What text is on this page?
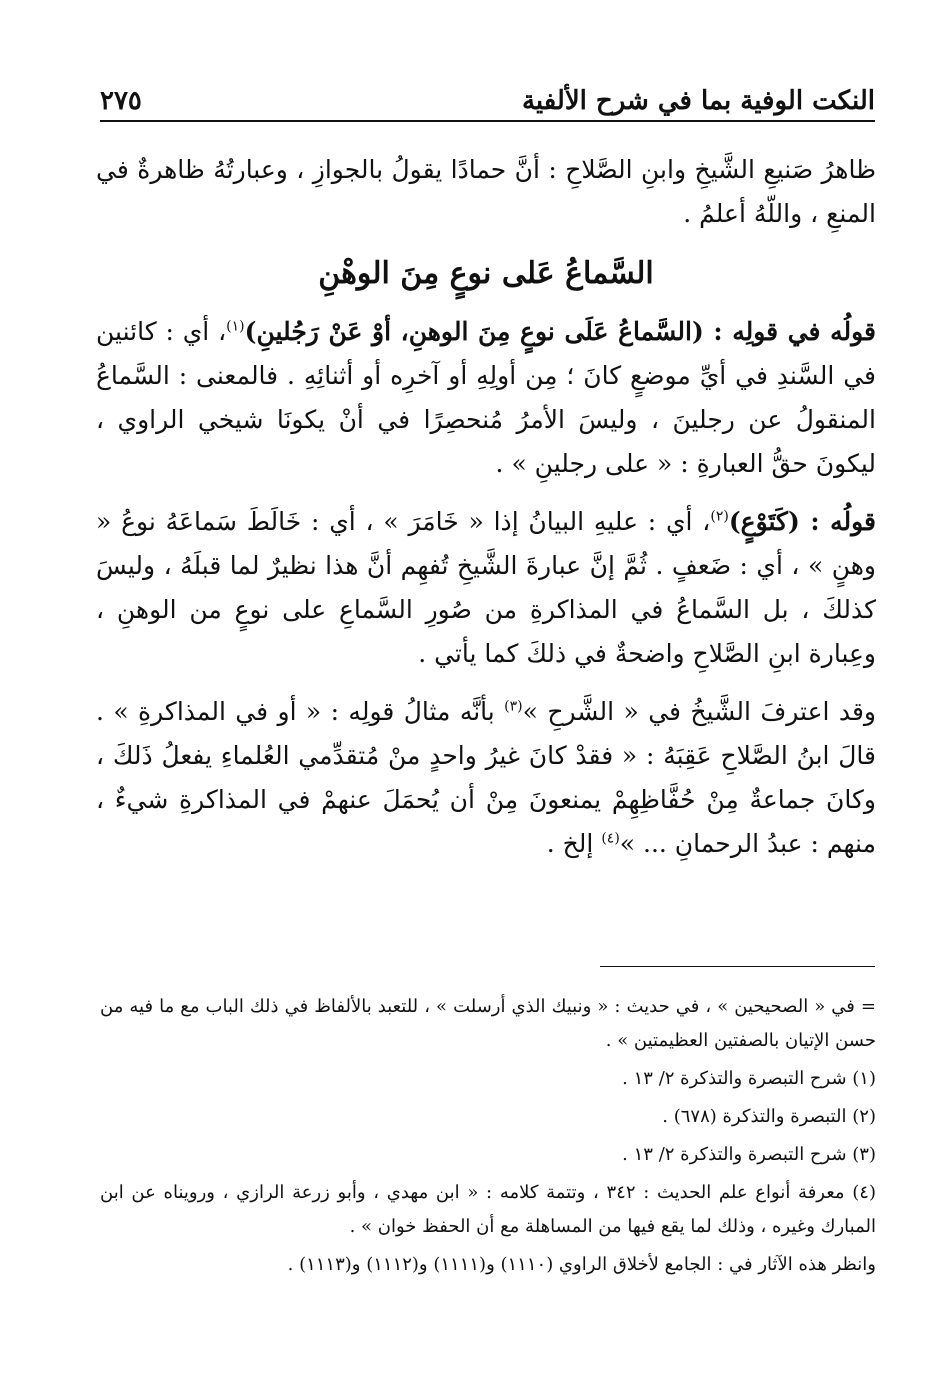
النكت الوفية بما في شرح الألفية
٢٧٥

ظاهرُ صَنيعِ الشَّيخِ وابنِ الصَّلاحِ : أنَّ حمادًا يقولُ بالجوازِ ، وعبارتُهُ ظاهرةٌ في المنعِ ، واللّهُ أعلمُ .

السَّماعُ عَلى نوعٍ مِنَ الوهْنِ

قولُه في قولِه : (السَّماعُ عَلَى نوعٍ مِنَ الوهنِ، أوْ عَنْ رَجُلينِ)$^{(١)}$، أي : كائنين في السَّندِ في أيِّ موضعٍ كانَ ؛ مِن أولِهِ أو آخرِه أو أثنائِهِ . فالمعنى : السَّماعُ المنقولُ عن رجلينَ ، وليسَ الأمرُ مُنحصِرًا في أنْ يكونَا شيخي الراوي ، ليكونَ حقُّ العبارةِ : « على رجلينِ » .

قولُه : (كَتَوْعٍ)$^{(٢)}$، أي : عليهِ البيانُ إذا « خَامَرَ » ، أي : خَالَطَ سَماعَهُ نوعُ « وهنٍ » ، أي : ضَعفٍ . ثُمَّ إنَّ عبارةَ الشَّيخِ تُفهِم أنَّ هذا نظيرٌ لما قبلَهُ ، وليسَ كذلكَ ، بل السَّماعُ في المذاكرةِ من صُورِ السَّماعِ على نوعٍ من الوهنِ ، وعِبارة ابنِ الصَّلاحِ واضحةٌ في ذلكَ كما يأتي .

وقد اعترفَ الشَّيخُ في « الشَّرحِ »$^{(٣)}$ بأنَّه مثالُ قولِه : « أو في المذاكرةِ » . قالَ ابنُ الصَّلاحِ عَقِبَهُ : « فقدْ كانَ غيرُ واحدٍ منْ مُتقدِّمي العُلماءِ يفعلُ ذَلكَ ، وكانَ جماعةٌ مِنْ حُفَّاظِهِمْ يمنعونَ مِنْ أن يُحمَلَ عنهمْ في المذاكرةِ شيءٌ ، منهم : عبدُ الرحمانِ ... »$^{(٤)}$ إلخ .

= في « الصحيحين » ، في حديث : « ونبيك الذي أرسلت » ، للتعبد بالألفاظ في ذلك الباب مع ما فيه من حسن الإتيان بالصفتين العظيمتين » .

(١) شرح التبصرة والتذكرة ٢/ ١٣ .

(٢) التبصرة والتذكرة (٦٧٨) .

(٣) شرح التبصرة والتذكرة ٢/ ١٣ .

(٤) معرفة أنواع علم الحديث : ٣٤٢ ، وتتمة كلامه : « ابن مهدي ، وأبو زرعة الرازي ، ورويناه عن ابن المبارك وغيره ، وذلك لما يقع فيها من المساهلة مع أن الحفظ خوان » .

وانظر هذه الآثار في : الجامع لأخلاق الراوي (١١١٠) و(١١١١) و(١١١٢) و(١١١٣) .
